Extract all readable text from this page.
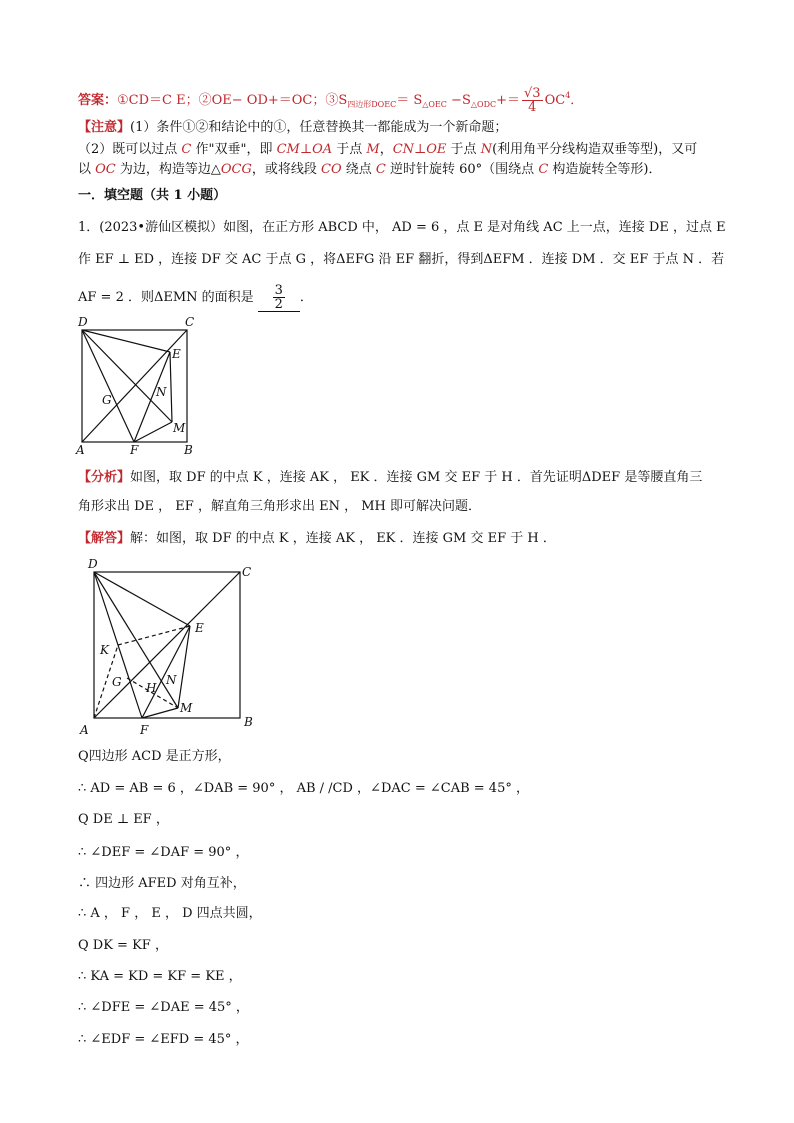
答案：①CD＝C E；②OE− OD+＝OC；$③S_{四边形DOEC}= S_{\triangle OEC} -S_{\triangle ODC}+= \frac{√3}{4} OC^4$．
【注意】(1）条件①②和结论中的①，任意替换其一都能成为一个新命题；
（2）既可以过点 C 作"双垂"，即 CM⊥OA 于点 M，CN⊥OE 于点 N(利用角平分线构造双垂等型)，又可
以 OC 为边，构造等边△OCG，或将线段 CO 绕点 C 逆时针旋转 60°（围绕点 C 构造旋转全等形)．
一．填空题（共 1 小题）
1．(2023•游仙区模拟）如图，在正方形 ABCD 中， AD = 6 ，点 E 是对角线 AC 上一点，连接 DE ，过点 E
作 EF ⊥ ED ，连接 DF 交 AC 于点 G ，将ΔEFG 沿 EF 翻折，得到ΔEFM ．连接 DM ．交 EF 于点 N ．若
AF = 2 ．则ΔEMN 的面积是 $\frac{3}{2}$ ．
D	C
E
N
G
M
A	F	B
【分析】如图，取 DF 的中点 K ，连接 AK ， EK ．连接 GM 交 EF 于 H ．首先证明ΔDEF 是等腰直角三
角形求出 DE ， EF ，解直角三角形求出 EN ， MH 即可解决问题．
【解答】解：如图，取 DF 的中点 K ，连接 AK ， EK ．连接 GM 交 EF 于 H ．
D
C
E
K
G H
N
M
A	F
B
Q四边形 ACD 是正方形，
∴ AD = AB = 6 ，∠DAB = 90° ， AB / /CD ，∠DAC = ∠CAB = 45° ，
Q DE ⊥ EF ，
∴ ∠DEF = ∠DAF = 90° ，
∴ 四边形 AFED 对角互补，
∴ A ， F ， E ， D 四点共圆，
Q DK = KF ，
∴ KA = KD = KF = KE ，
∴ ∠DFE = ∠DAE = 45° ，
∴ ∠EDF = ∠EFD = 45° ，
